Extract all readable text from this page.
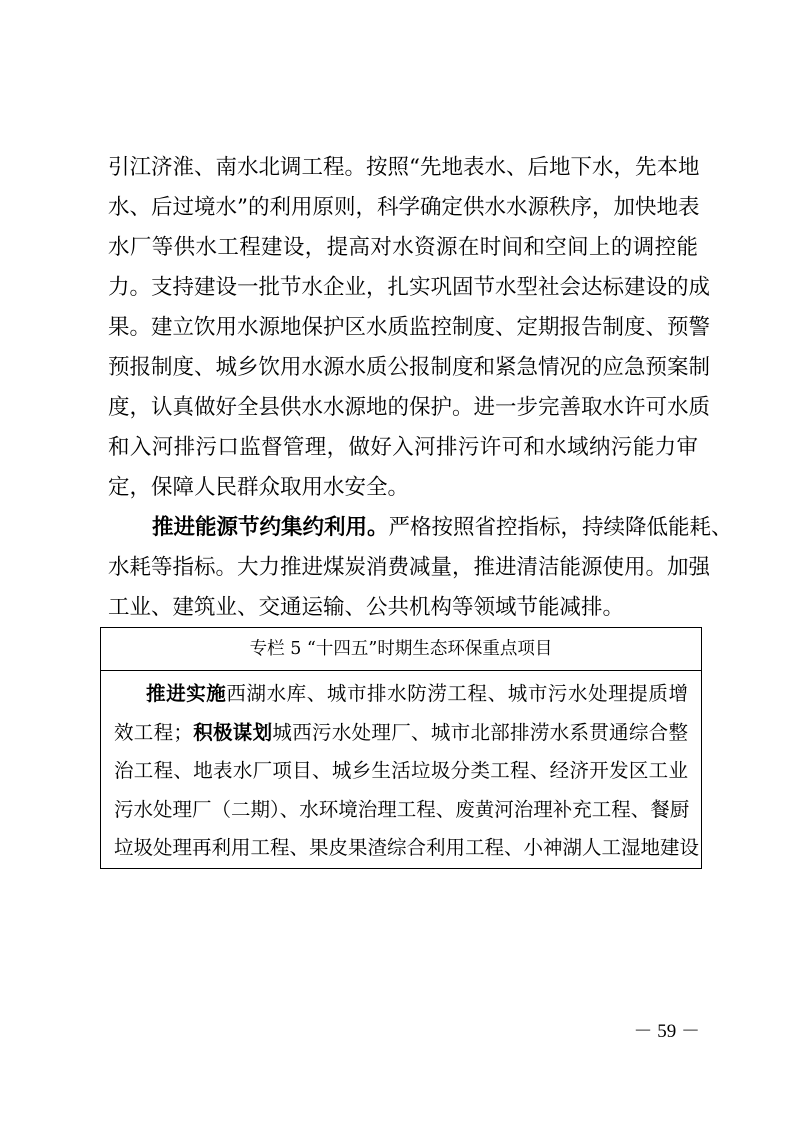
引江济淮、南水北调工程。按照“先地表水、后地下水，先本地
水、后过境水”的利用原则，科学确定供水水源秩序，加快地表
水厂等供水工程建设，提高对水资源在时间和空间上的调控能
力。支持建设一批节水企业，扎实巩固节水型社会达标建设的成
果。建立饮用水源地保护区水质监控制度、定期报告制度、预警
预报制度、城乡饮用水源水质公报制度和紧急情况的应急预案制
度，认真做好全县供水水源地的保护。进一步完善取水许可水质
和入河排污口监督管理，做好入河排污许可和水域纳污能力审
定，保障人民群众取用水安全。
推进能源节约集约利用。严格按照省控指标，持续降低能耗、
水耗等指标。大力推进煤炭消费减量，推进清洁能源使用。加强
工业、建筑业、交通运输、公共机构等领域节能减排。
专栏 5 “十四五”时期生态环保重点项目
推进实施西湖水库、城市排水防涝工程、城市污水处理提质增
效工程；积极谋划城西污水处理厂、城市北部排涝水系贯通综合整
治工程、地表水厂项目、城乡生活垃圾分类工程、经济开发区工业
污水处理厂（二期）、水环境治理工程、废黄河治理补充工程、餐厨
垃圾处理再利用工程、果皮果渣综合利用工程、小神湖人工湿地建设
－ 59 －
